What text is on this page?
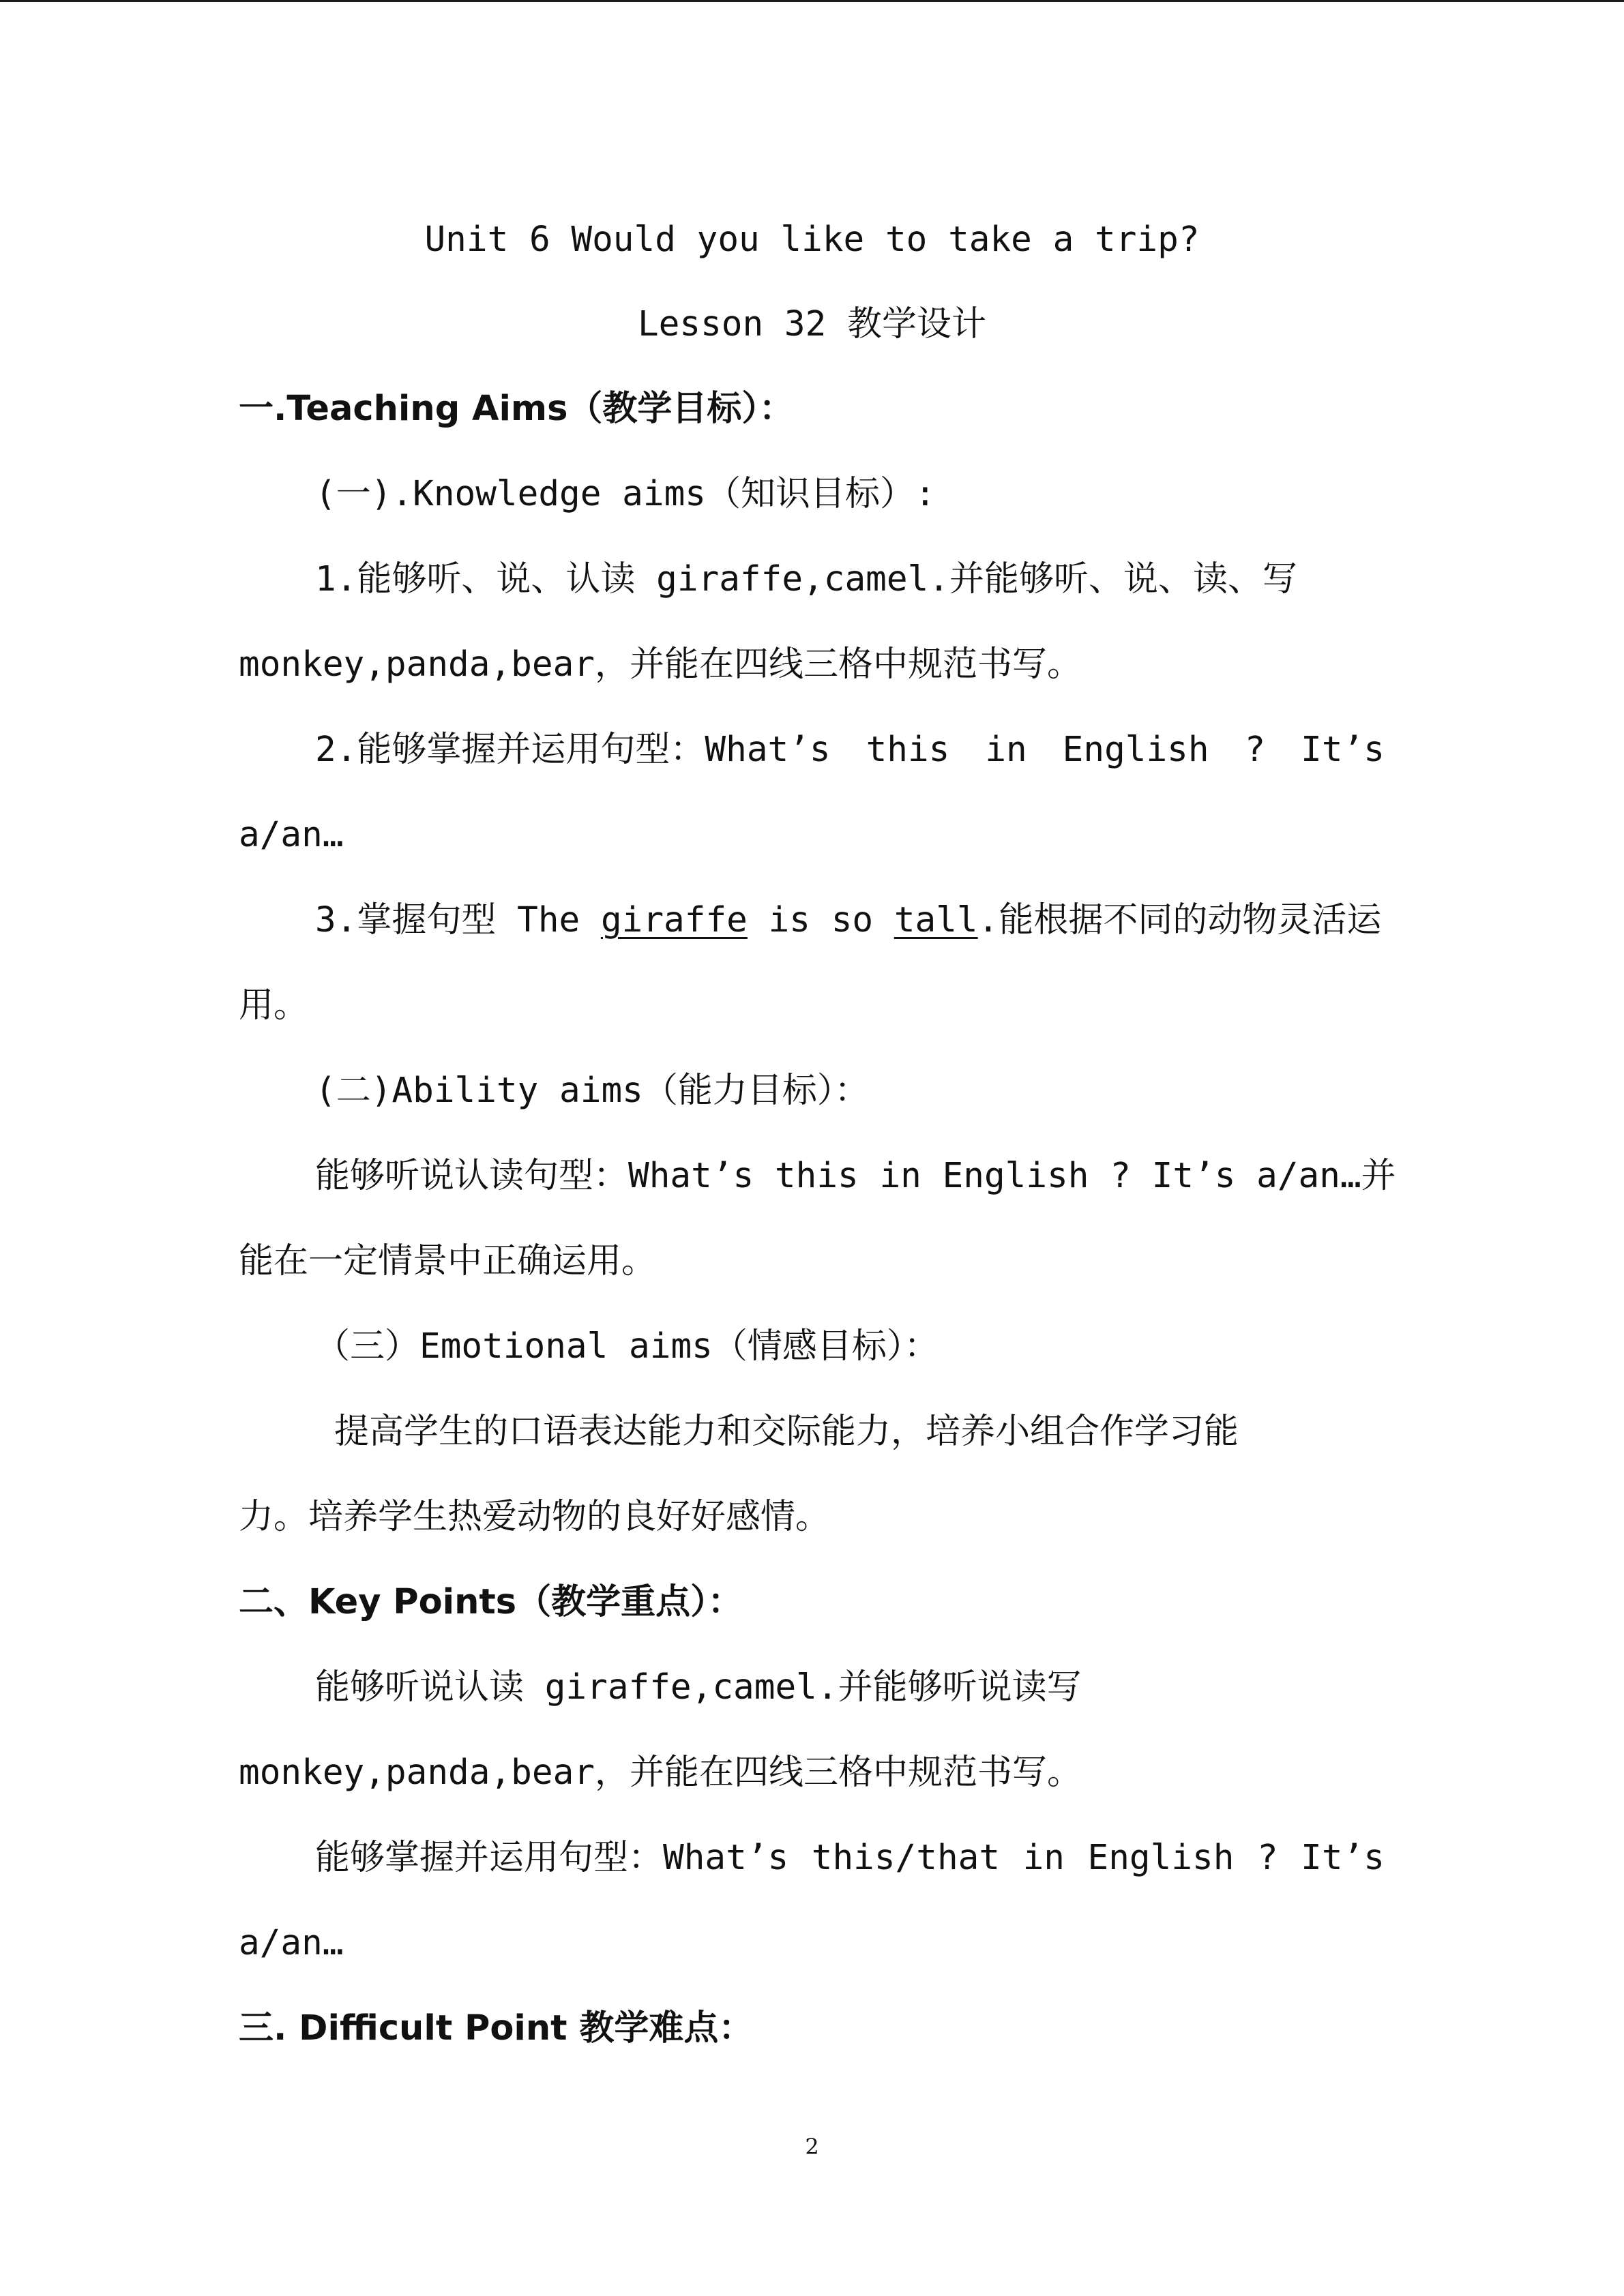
Unit 6 Would you like to take a trip?
Lesson 32 教学设计
一.Teaching Aims（教学目标）：
(一).Knowledge aims（知识目标）:
1.能够听、说、认读 giraffe,camel.并能够听、说、读、写
monkey,panda,bear，并能在四线三格中规范书写。
2.能够掌握并运用句型：What’s this in English ? It’s
a/an…
3.掌握句型 The giraffe is so tall.能根据不同的动物灵活运
用。
(二)Ability aims（能力目标）：
能够听说认读句型：What’s this in English ? It’s a/an…并
能在一定情景中正确运用。
（三）Emotional aims（情感目标）：
提高学生的口语表达能力和交际能力，培养小组合作学习能
力。培养学生热爱动物的良好好感情。
二、Key Points（教学重点）：
能够听说认读 giraffe,camel.并能够听说读写
monkey,panda,bear，并能在四线三格中规范书写。
能够掌握并运用句型：What’s this/that in English ? It’s
a/an…
三. Difficult Point 教学难点：
2
